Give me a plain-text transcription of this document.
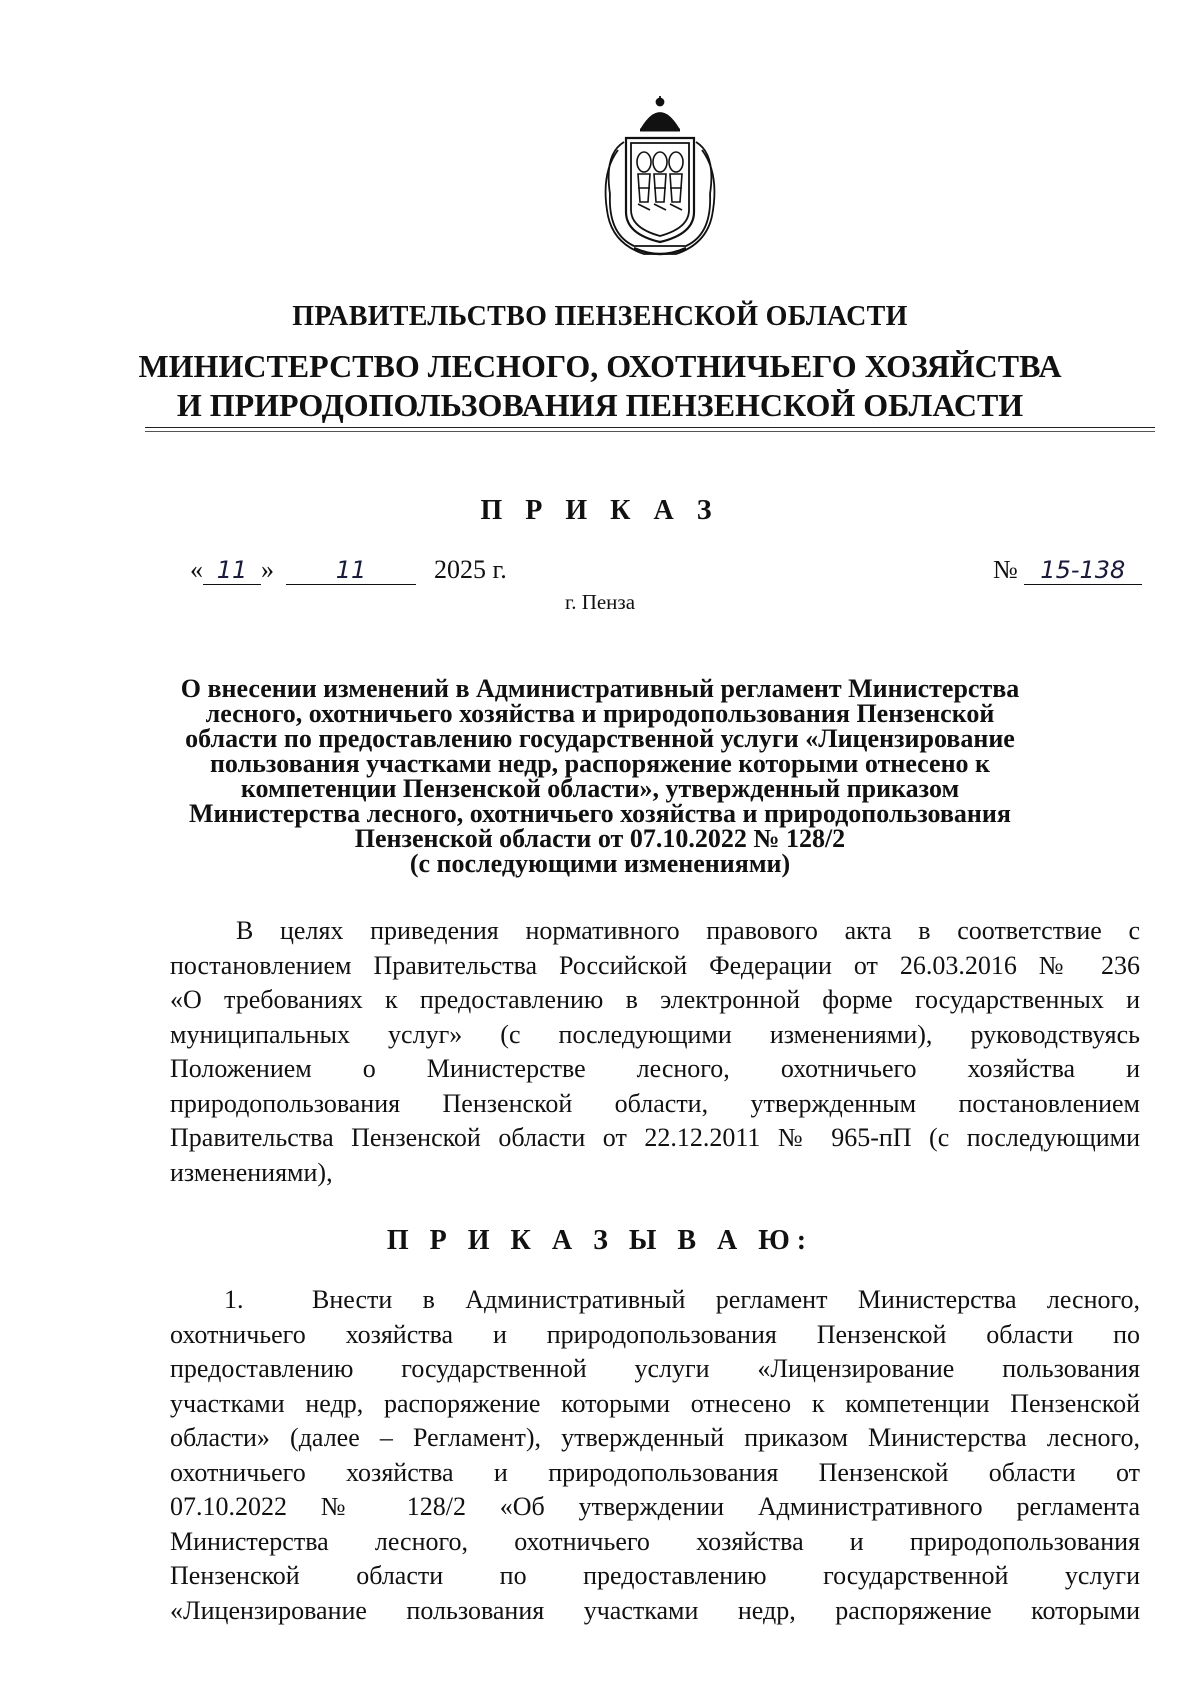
ПРАВИТЕЛЬСТВО ПЕНЗЕНСКОЙ ОБЛАСТИ
МИНИСТЕРСТВО ЛЕСНОГО, ОХОТНИЧЬЕГО ХОЗЯЙСТВА
И ПРИРОДОПОЛЬЗОВАНИЯ ПЕНЗЕНСКОЙ ОБЛАСТИ
П Р И К А З
« 11 »	11	2025 г.	№ 15-138
г. Пенза
О внесении изменений в Административный регламент Министерства
лесного, охотничьего хозяйства и природопользования Пензенской
области по предоставлению государственной услуги «Лицензирование
пользования участками недр, распоряжение которыми отнесено к
компетенции Пензенской области», утвержденный приказом
Министерства лесного, охотничьего хозяйства и природопользования
Пензенской области от 07.10.2022 № 128/2
(с последующими изменениями)
В целях приведения нормативного правового акта в соответствие с
постановлением Правительства Российской Федерации от 26.03.2016 № 236
«О требованиях к предоставлению в электронной форме государственных и
муниципальных услуг» (с последующими изменениями), руководствуясь
Положением о Министерстве лесного, охотничьего хозяйства и
природопользования Пензенской области, утвержденным постановлением
Правительства Пензенской области от 22.12.2011 № 965-пП (с последующими
изменениями),
П Р И К А З Ы В А Ю:
1.	Внести в Административный регламент Министерства лесного,
охотничьего хозяйства и природопользования Пензенской области по
предоставлению государственной услуги «Лицензирование пользования
участками недр, распоряжение которыми отнесено к компетенции Пензенской
области» (далее – Регламент), утвержденный приказом Министерства лесного,
охотничьего хозяйства и природопользования Пензенской области от
07.10.2022 № 128/2 «Об утверждении Административного регламента
Министерства лесного, охотничьего хозяйства и природопользования
Пензенской области по предоставлению государственной услуги
«Лицензирование пользования участками недр, распоряжение которыми
